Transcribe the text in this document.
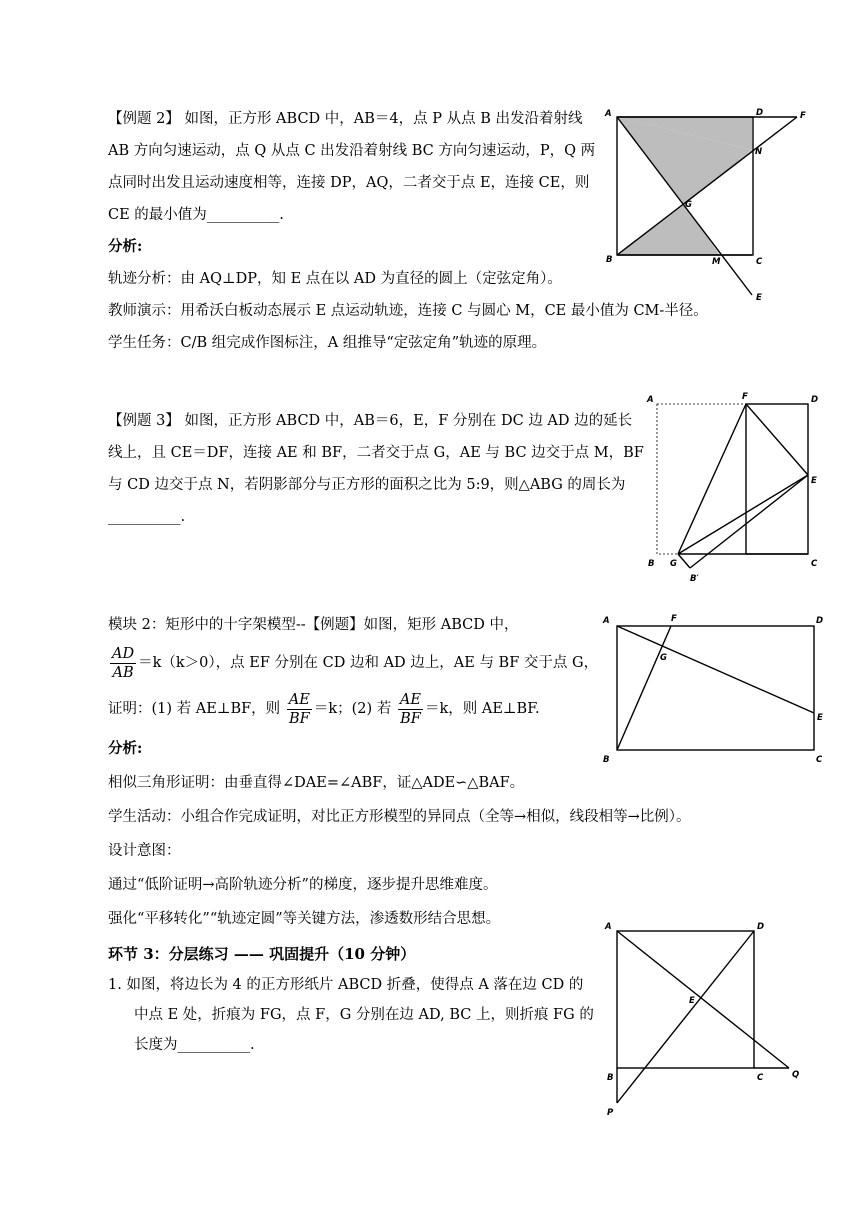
【例题 2】 如图，正方形 ABCD 中，AB＝4，点 P 从点 B 出发沿着射线
AB 方向匀速运动，点 Q 从点 C 出发沿着射线 BC 方向匀速运动，P，Q 两
点同时出发且运动速度相等，连接 DP，AQ，二者交于点 E，连接 CE，则
CE 的最小值为__________.
分析:
轨迹分析：由 AQ⊥DP，知 E 点在以 AD 为直径的圆上（定弦定角）。
教师演示：用希沃白板动态展示 E 点运动轨迹，连接 C 与圆心 M，CE 最小值为 CM-半径。
学生任务：C/B 组完成作图标注，A 组推导“定弦定角”轨迹的原理。
A	D	F
N
G
B	M	C
E
【例题 3】 如图，正方形 ABCD 中，AB＝6，E，F 分别在 DC 边 AD 边的延长
线上，且 CE＝DF，连接 AE 和 BF，二者交于点 G，AE 与 BC 边交于点 M，BF
与 CD 边交于点 N，若阴影部分与正方形的面积之比为 5:9，则△ABG 的周长为
__________.
A	F	D
E
B G	C
B′
模块 2：矩形中的十字架模型--【例题】如图，矩形 ABCD 中，
$\frac{AD}{AB} =k(k>0)$，点 EF 分别在 CD 边和 AD 边上，AE 与 BF 交于点 G，
证明：(1) 若 AE⊥BF，则 $\frac{AE}{BF} =k$；(2) 若 $\frac{AE}{BF} =k$，则 AE⊥BF.
分析:
相似三角形证明：由垂直得∠DAE=∠ABF，证△ADE∽△BAF。
学生活动：小组合作完成证明，对比正方形模型的异同点（全等→相似，线段相等→比例）。
设计意图：
通过“低阶证明→高阶轨迹分析”的梯度，逐步提升思维难度。
强化“平移转化”“轨迹定圆”等关键方法，渗透数形结合思想。
A	F	D
G
E
B	C
环节 3：分层练习 —— 巩固提升（10 分钟）
1. 如图，将边长为 4 的正方形纸片 ABCD 折叠，使得点 A 落在边 CD 的
中点 E 处，折痕为 FG，点 F，G 分别在边 AD, BC 上，则折痕 FG 的
长度为__________.
A	D
E
B	C	Q
P
